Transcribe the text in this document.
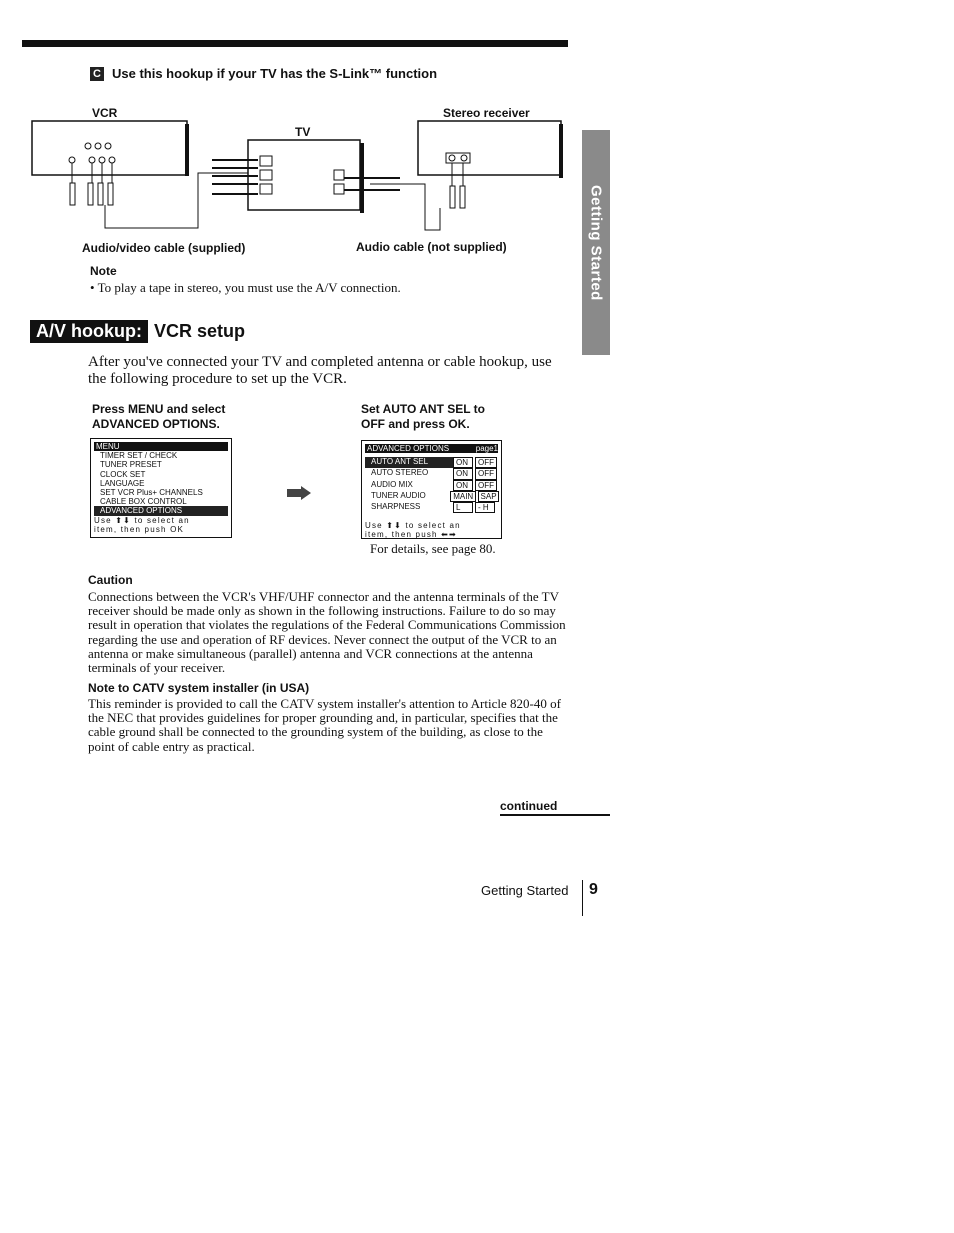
C Use this hookup if your TV has the S-Link™ function
VCR
TV
Stereo receiver
Audio/video cable (supplied)	Audio cable (not supplied)	Getting Started
Note
• To play a tape in stereo, you must use the A/V connection.
A/V hookup: VCR setup
After you've connected your TV and completed antenna or cable hookup, use the following procedure to set up the VCR.
Press MENU and select
ADVANCED OPTIONS.
Set AUTO ANT SEL to
OFF and press OK.
MENU
TIMER SET / CHECK
TUNER PRESET
CLOCK SET
LANGUAGE
SET VCR Plus+ CHANNELS
CABLE BOX CONTROL
ADVANCED OPTIONS
Use ⬆⬇ to select an
item, then push OK
ADVANCED OPTIONS	page1
AUTO ANT SEL	ON	OFF
AUTO STEREO	ON	OFF
AUDIO MIX	ON	OFF
TUNER AUDIO	MAIN SAP
SHARPNESS	L	- H
Use ⬆⬇ to select an
item, then push ⬅➡
For details, see page 80.
Caution
Connections between the VCR's VHF/UHF connector and the antenna terminals of the TV receiver should be made only as shown in the following instructions. Failure to do so may result in operation that violates the regulations of the Federal Communications Commission regarding the use and operation of RF devices. Never connect the output of the VCR to an antenna or make simultaneous (parallel) antenna and VCR connections at the antenna terminals of your receiver.
Note to CATV system installer (in USA)
This reminder is provided to call the CATV system installer's attention to Article 820-40 of the NEC that provides guidelines for proper grounding and, in particular, specifies that the cable ground shall be connected to the grounding system of the building, as close to the point of cable entry as practical.
continued
Getting Started 9
